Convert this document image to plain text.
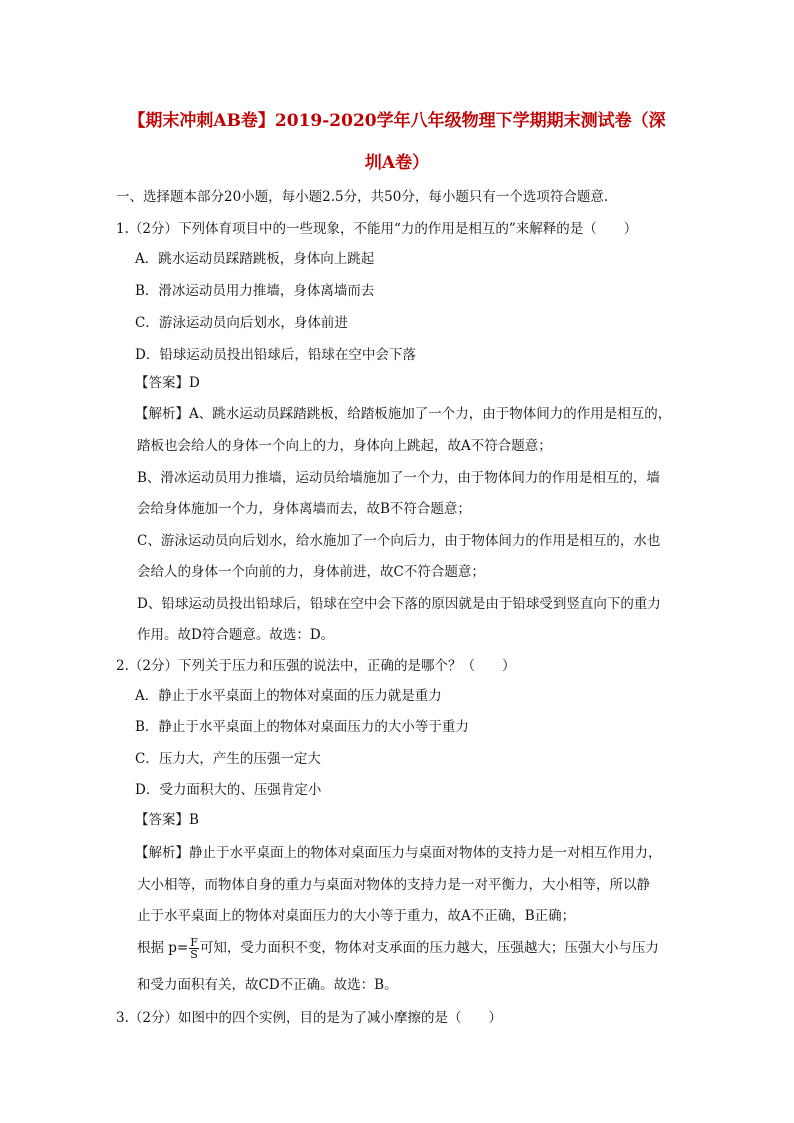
【期末冲刺AB卷】2019-2020学年八年级物理下学期期末测试卷（深
圳A卷）
一、选择题本部分20小题，每小题2.5分，共50分，每小题只有一个选项符合题意.
1.（2分）下列体育项目中的一些现象，不能用“力的作用是相互的”来解释的是（　　）
A．跳水运动员踩踏跳板，身体向上跳起
B．滑冰运动员用力推墙，身体离墙而去
C．游泳运动员向后划水，身体前进
D．铅球运动员投出铅球后，铅球在空中会下落
【答案】D
【解析】A、跳水运动员踩踏跳板，给踏板施加了一个力，由于物体间力的作用是相互的，
踏板也会给人的身体一个向上的力，身体向上跳起，故A不符合题意；
B、滑冰运动员用力推墙，运动员给墙施加了一个力，由于物体间力的作用是相互的，墙
会给身体施加一个力，身体离墙而去，故B不符合题意；
C、游泳运动员向后划水，给水施加了一个向后力，由于物体间力的作用是相互的，水也
会给人的身体一个向前的力，身体前进，故C不符合题意；
D、铅球运动员投出铅球后，铅球在空中会下落的原因就是由于铅球受到竖直向下的重力
作用。故D符合题意。故选：D。
2.（2分）下列关于压力和压强的说法中，正确的是哪个？（　　）
A．静止于水平桌面上的物体对桌面的压力就是重力
B．静止于水平桌面上的物体对桌面压力的大小等于重力
C．压力大，产生的压强一定大
D．受力面积大的、压强肯定小
【答案】B
【解析】静止于水平桌面上的物体对桌面压力与桌面对物体的支持力是一对相互作用力，
大小相等，而物体自身的重力与桌面对物体的支持力是一对平衡力，大小相等，所以静
止于水平桌面上的物体对桌面压力的大小等于重力，故A不正确，B正确；
根据 $p= \frac{F}{S}$ 可知，受力面积不变，物体对支承面的压力越大，压强越大；压强大小与压力
和受力面积有关，故CD不正确。故选：B。
3.（2分）如图中的四个实例，目的是为了减小摩擦的是（　　）
